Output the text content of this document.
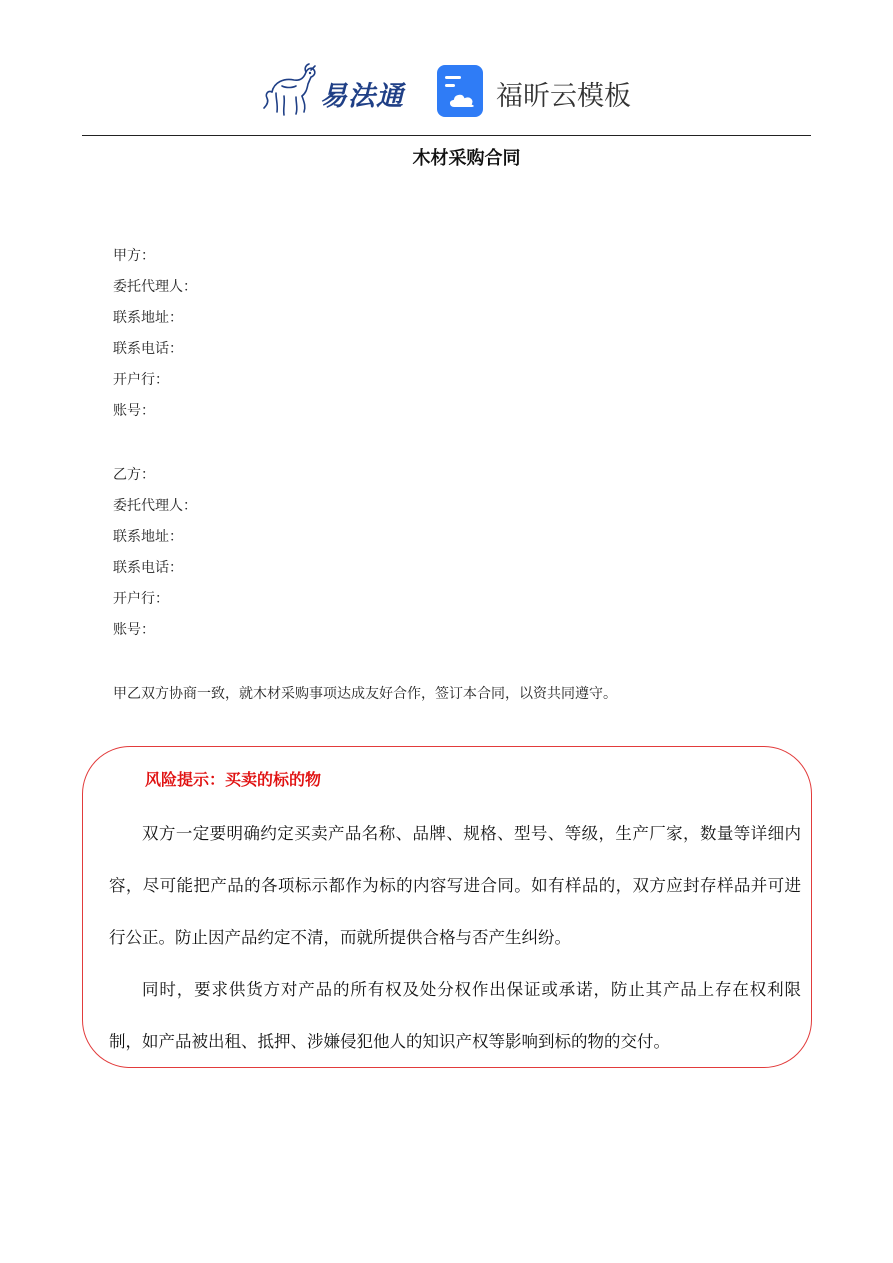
易法通	福昕云模板
木材采购合同
甲方：
委托代理人：
联系地址：
联系电话：
开户行：
账号：
乙方：
委托代理人：
联系地址：
联系电话：
开户行：
账号：
甲乙双方协商一致，就木材采购事项达成友好合作，签订本合同，以资共同遵守。
风险提示：买卖的标的物

双方一定要明确约定买卖产品名称、品牌、规格、型号、等级，生产厂家，数量等详细内容，尽可能把产品的各项标示都作为标的内容写进合同。如有样品的，双方应封存样品并可进行公正。防止因产品约定不清，而就所提供合格与否产生纠纷。

同时，要求供货方对产品的所有权及处分权作出保证或承诺，防止其产品上存在权利限制，如产品被出租、抵押、涉嫌侵犯他人的知识产权等影响到标的物的交付。
